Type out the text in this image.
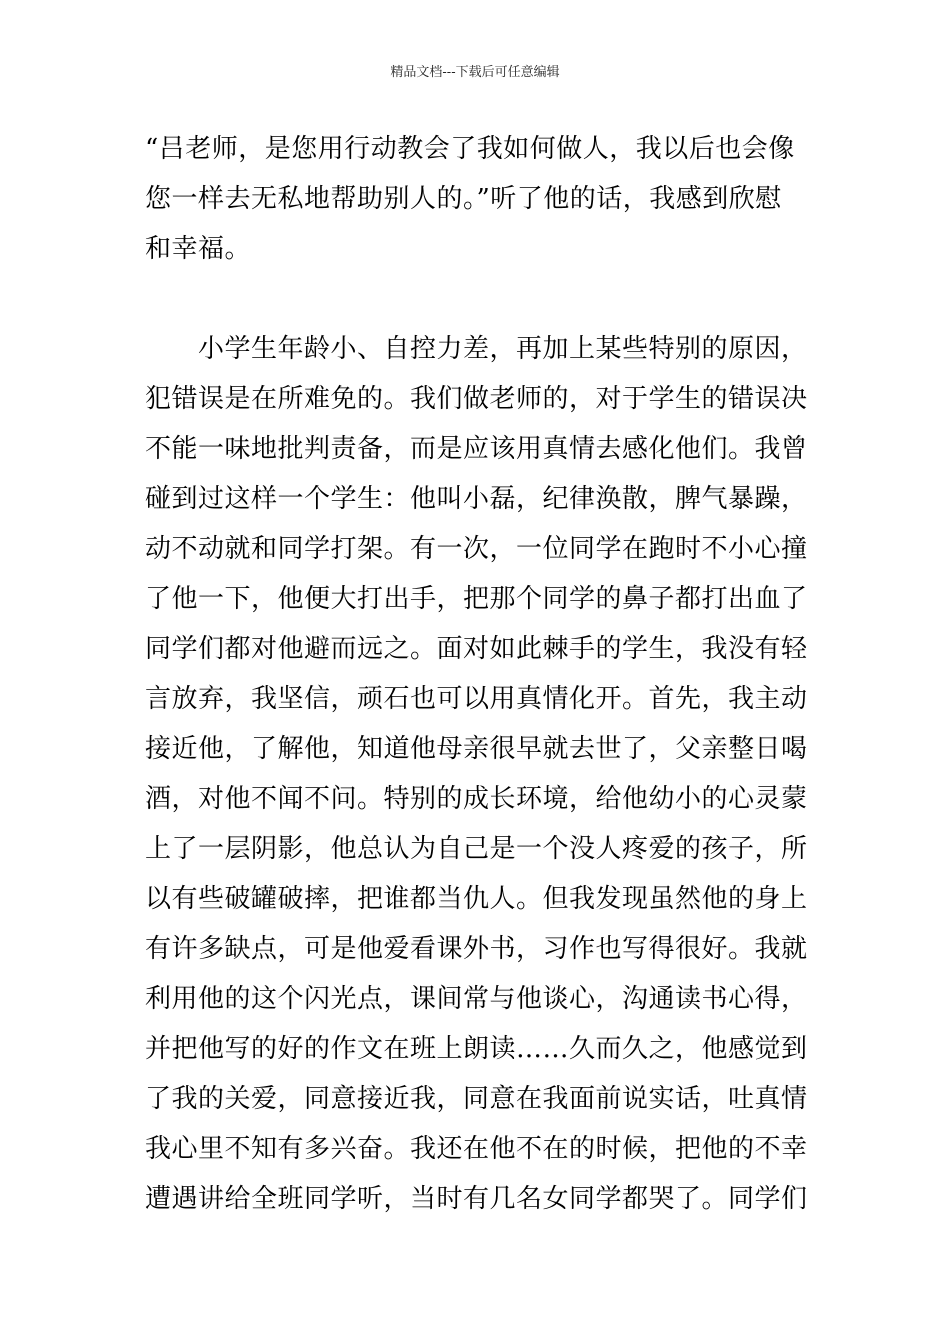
精品文档---下载后可任意编辑
“吕老师，是您用行动教会了我如何做人，我以后也会像
您一样去无私地帮助别人的。”听了他的话，我感到欣慰
和幸福。
　　小学生年龄小、自控力差，再加上某些特别的原因，
犯错误是在所难免的。我们做老师的，对于学生的错误决
不能一味地批判责备，而是应该用真情去感化他们。我曾
碰到过这样一个学生：他叫小磊，纪律涣散，脾气暴躁，
动不动就和同学打架。有一次，一位同学在跑时不小心撞
了他一下，他便大打出手，把那个同学的鼻子都打出血了
同学们都对他避而远之。面对如此棘手的学生，我没有轻
言放弃，我坚信，顽石也可以用真情化开。首先，我主动
接近他，了解他，知道他母亲很早就去世了，父亲整日喝
酒，对他不闻不问。特别的成长环境，给他幼小的心灵蒙
上了一层阴影，他总认为自己是一个没人疼爱的孩子，所
以有些破罐破摔，把谁都当仇人。但我发现虽然他的身上
有许多缺点，可是他爱看课外书，习作也写得很好。我就
利用他的这个闪光点，课间常与他谈心，沟通读书心得，
并把他写的好的作文在班上朗读……久而久之，他感觉到
了我的关爱，同意接近我，同意在我面前说实话，吐真情
我心里不知有多兴奋。我还在他不在的时候，把他的不幸
遭遇讲给全班同学听，当时有几名女同学都哭了。同学们
